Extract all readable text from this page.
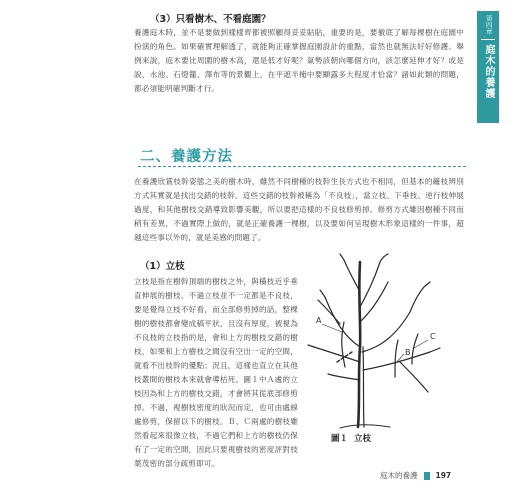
第四章
庭木的養護
（3）只看樹木、不看庭園？
養護庭木時，並不是要做到樣樣齊都被照顧得妥妥貼貼，重要的是，要徹底了解每棵樹在庭園中扮演的角色。如果確實理解透了，就能夠正確掌握庭園設計的重點，當然也就無法好好修護。舉例來說，庭木要比周圍的樹木高，還是低才好呢？氣勢該朝向哪個方向，該怎麼延伸才好？或是說，水池、石燈籠、澤布等的景觀上，在平遮半掩中要顯露多大程度才恰當？諸如此類的問題，都必須能明確判斷才行。
二、養護方法
在養護欣賞枝幹姿態之美的樹木時，雖然不同樹種的枝幹生長方式也不相同，但基本的籬枝辨別方式其實就是找出交錯的枝幹。這些交錯的枝幹被稱為「不良枝」，當立枝、下垂枝、逆行枝伸展過度，和其他樹枝交錯導致影響美觀，所以要把這樣的不良枝修剪掉。修剪方式雖因樹種不同而稍有差異，不過實際上做的，就是正確養護一棵樹，以及要如何呈現樹木形象這樣的一件事，超越這些事以外的，就是美感的問題了。
（1）立枝
立枝是指在樹幹頂端的樹枝之外，與橫枝近乎垂直伸展的樹枝。不過立枝並不一定都是不良枝，要是覺得立枝不好看，而全部修剪掉的話，整棵樹的樹枝都會變成稿平狀，且沒有厚度，被視為不良枝的立枝指的是，會和上方的樹枝交錯的樹枝，如果和上方樹枝之間沒有空出一定的空間，就看不出枝幹的優點；況且，這樣也直立在其他枝叢間的樹枝本來就會導枯死。圖１中Ａ處的立枝因為和上方的樹枝交錯，才會將其從底部修剪掉。不過，視樹枝密度的狀況而定，也可由處線處修剪，保留以下的樹枝。Ｂ、Ｃ兩處的樹枝雖然看起來很像立枝，不過它們和上方的樹枝仍保有了一定的空間，因此只要視樹枝的密度評對枝葉茂密的部分疏剪即可。
A
B
C
圖１ 立枝
庭木的養護 197
